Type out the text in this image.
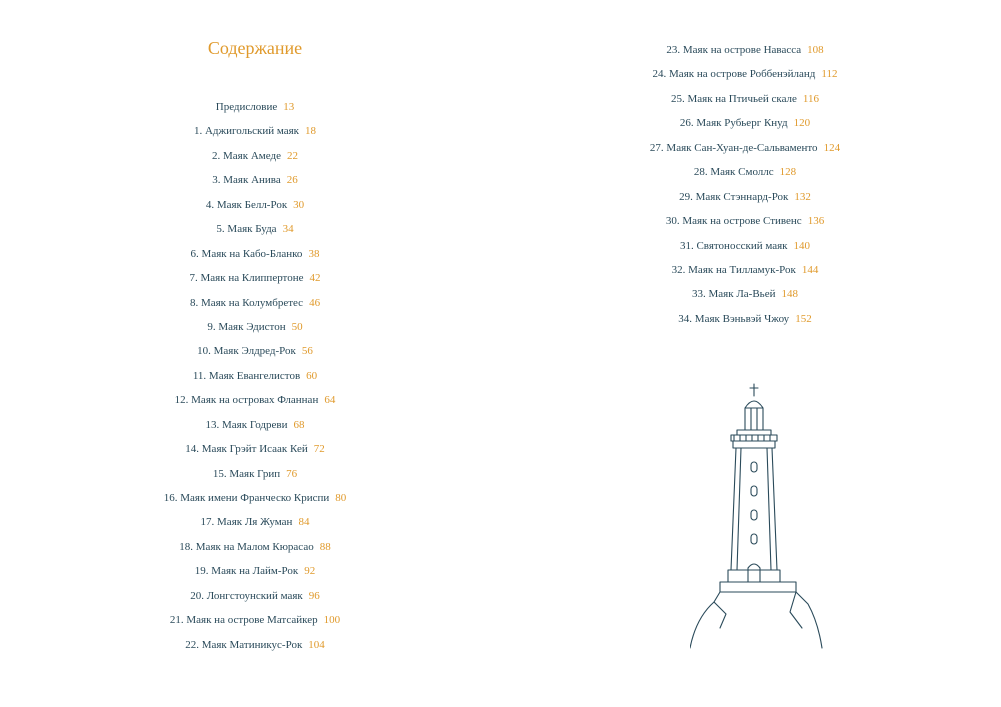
Содержание
Предисловие 13
1. Аджигольский маяк 18
2. Маяк Амеде 22
3. Маяк Анива 26
4. Маяк Белл-Рок 30
5. Маяк Буда 34
6. Маяк на Кабо-Бланко 38
7. Маяк на Клиппертоне 42
8. Маяк на Колумбретес 46
9. Маяк Эдистон 50
10. Маяк Элдред-Рок 56
11. Маяк Евангелистов 60
12. Маяк на островах Фланнан 64
13. Маяк Годреви 68
14. Маяк Грэйт Исаак Кей 72
15. Маяк Грип 76
16. Маяк имени Франческо Криспи 80
17. Маяк Ля Жуман 84
18. Маяк на Малом Кюрасао 88
19. Маяк на Лайм-Рок 92
20. Лонгстоунский маяк 96
21. Маяк на острове Матсайкер 100
22. Маяк Матиникус-Рок 104
23. Маяк на острове Навасса 108
24. Маяк на острове Роббенэйланд 112
25. Маяк на Птичьей скале 116
26. Маяк Рубьерг Кнуд 120
27. Маяк Сан-Хуан-де-Сальваменто 124
28. Маяк Смоллс 128
29. Маяк Стэннард-Рок 132
30. Маяк на острове Стивенс 136
31. Святоносский маяк 140
32. Маяк на Тилламук-Рок 144
33. Маяк Ла-Вьей 148
34. Маяк Вэньвэй Чжоу 152
